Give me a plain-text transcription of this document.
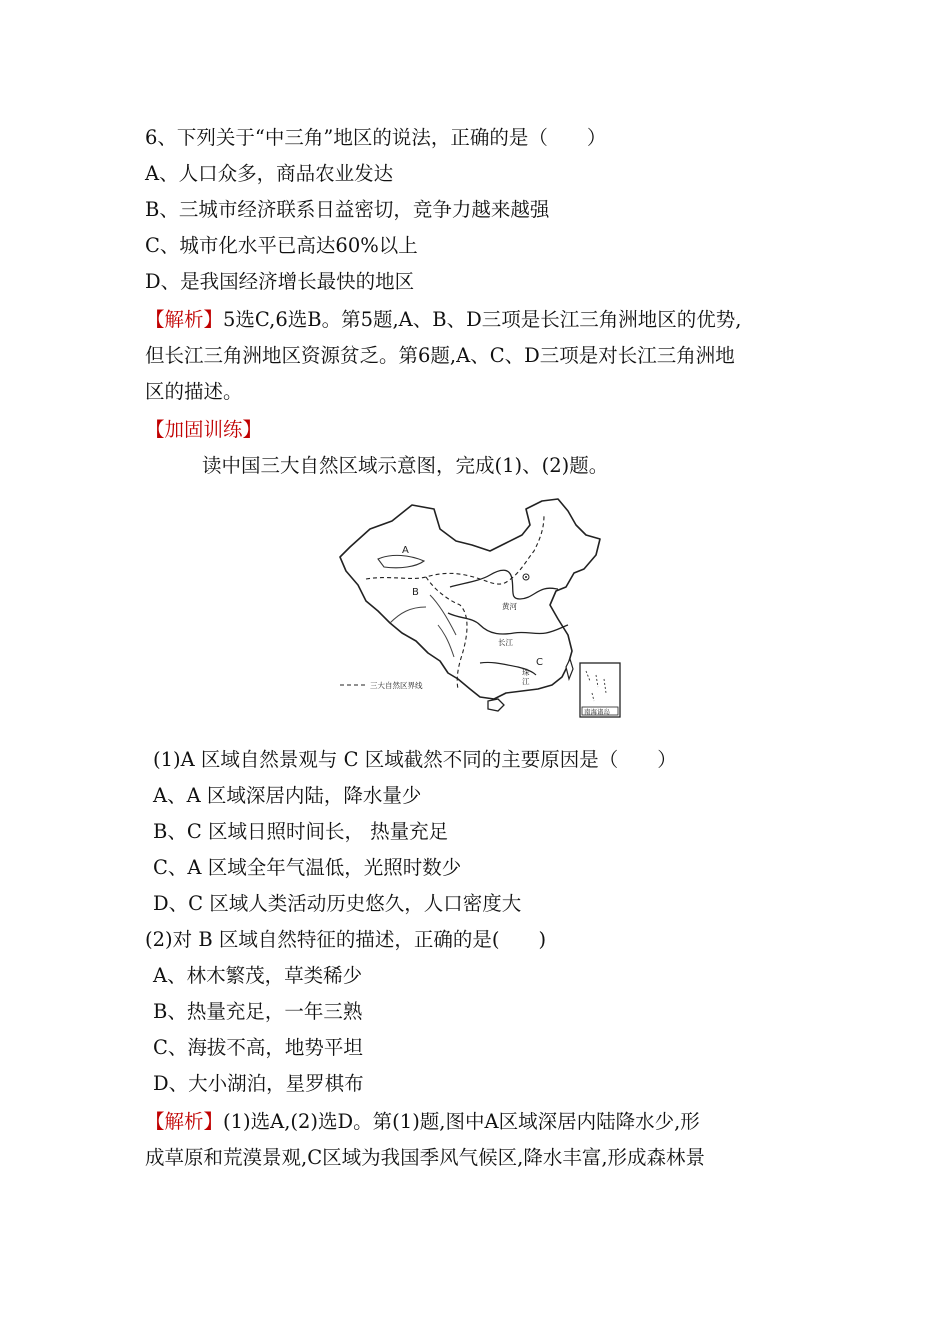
6、下列关于“中三角”地区的说法，正确的是（　　）
A、人口众多，商品农业发达
B、三城市经济联系日益密切，竞争力越来越强
C、城市化水平已高达60%以上
D、是我国经济增长最快的地区
【解析】5选C,6选B。第5题,A、B、D三项是长江三角洲地区的优势,
但长江三角洲地区资源贫乏。第6题,A、C、D三项是对长江三角洲地
区的描述。
【加固训练】
读中国三大自然区域示意图，完成(1)、(2)题。
A
B
C
黄河
长江
珠
江
三大自然区界线
南海诸岛
(1)A 区域自然景观与 C 区域截然不同的主要原因是（　　）
A、A 区域深居内陆，降水量少
B、C 区域日照时间长， 热量充足
C、A 区域全年气温低，光照时数少
D、C 区域人类活动历史悠久，人口密度大
(2)对 B 区域自然特征的描述，正确的是(　　)
A、林木繁茂，草类稀少
B、热量充足，一年三熟
C、海拔不高，地势平坦
D、大小湖泊，星罗棋布
【解析】(1)选A,(2)选D。第(1)题,图中A区域深居内陆降水少,形
成草原和荒漠景观,C区域为我国季风气候区,降水丰富,形成森林景
